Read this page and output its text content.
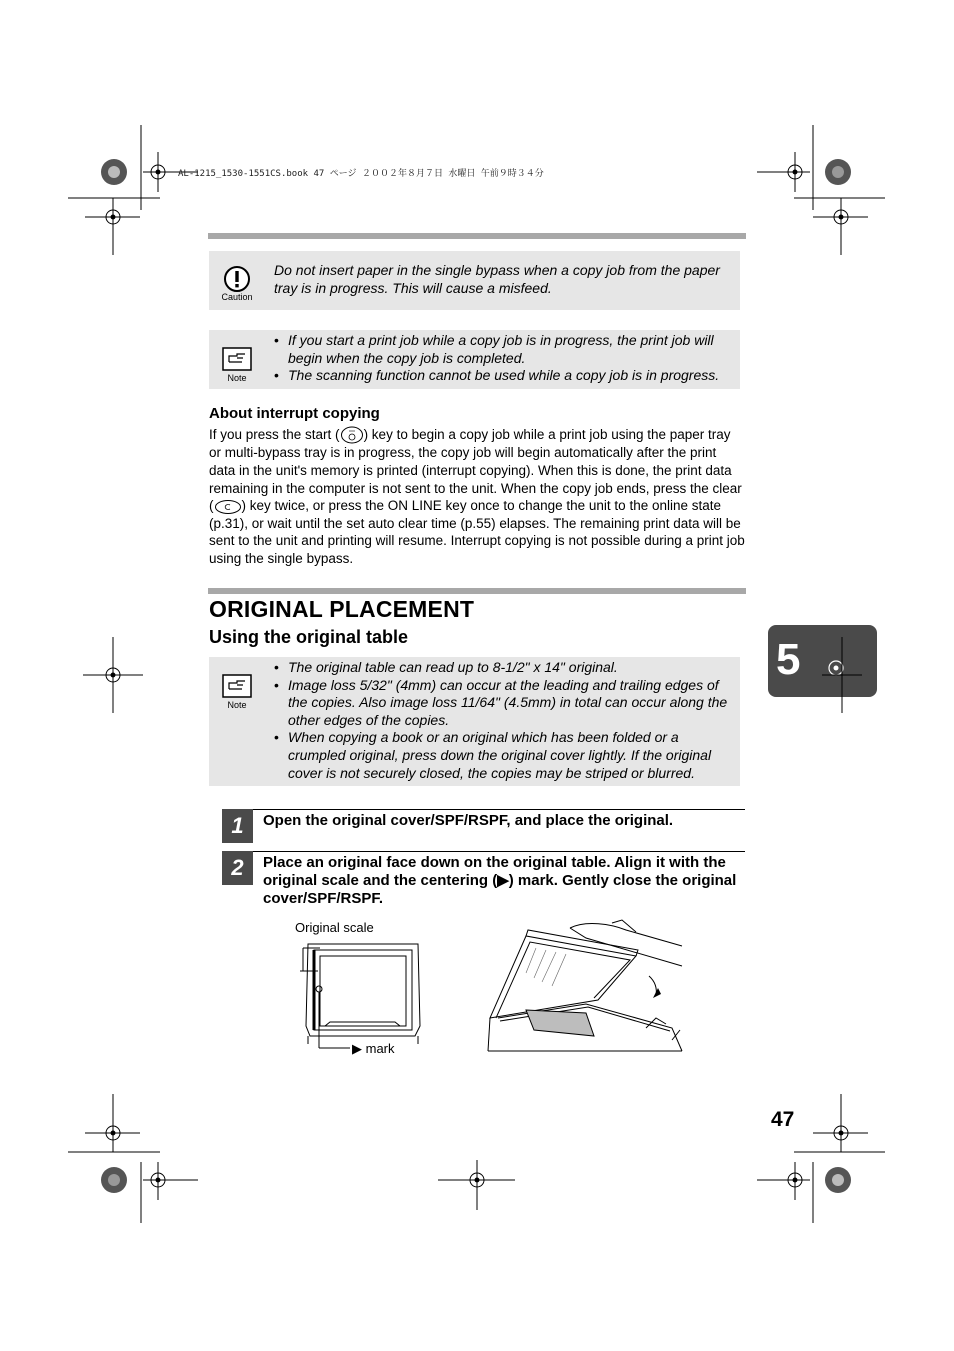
AL-1215_1530-1551CS.book 47 ページ ２００２年８月７日 水曜日 午前９時３４分
Caution
Do not insert paper in the single bypass when a copy job from the paper tray is in progress. This will cause a misfeed.
Note
• If you start a print job while a copy job is in progress, the print job will begin when the copy job is completed.
• The scanning function cannot be used while a copy job is in progress.
About interrupt copying
If you press the start ( ) key to begin a copy job while a print job using the paper tray or multi-bypass tray is in progress, the copy job will begin automatically after the print data in the unit's memory is printed (interrupt copying). When this is done, the print data remaining in the computer is not sent to the unit. When the copy job ends, press the clear ( ) key twice, or press the ON LINE key once to change the unit to the online state (p.31), or wait until the set auto clear time (p.55) elapses. The remaining print data will be sent to the unit and printing will resume. Interrupt copying is not possible during a print job using the single bypass.
ORIGINAL PLACEMENT
Using the original table	5
Note
• The original table can read up to 8-1/2" x 14" original.
• Image loss 5/32" (4mm) can occur at the leading and trailing edges of the copies. Also image loss 11/64" (4.5mm) in total can occur along the other edges of the copies.
• When copying a book or an original which has been folded or a crumpled original, press down the original cover lightly. If the original cover is not securely closed, the copies may be striped or blurred.
1	Open the original cover/SPF/RSPF, and place the original.
2	Place an original face down on the original table. Align it with the original scale and the centering (▶) mark. Gently close the original cover/SPF/RSPF.
Original scale
▶ mark
47
